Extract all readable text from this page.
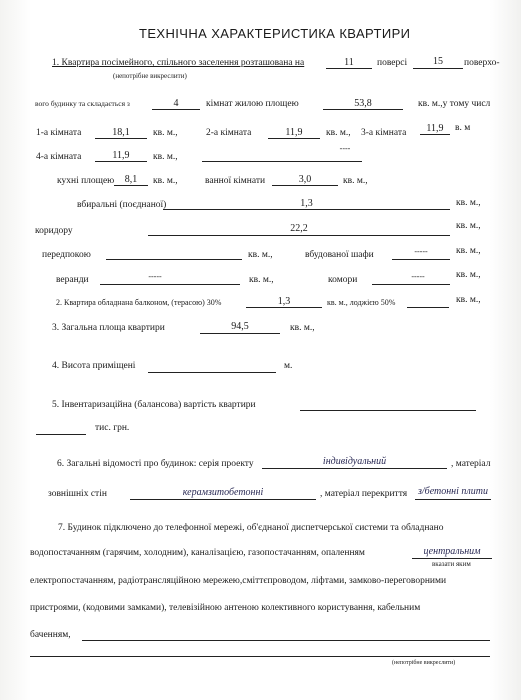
ТЕХНІЧНА ХАРАКТЕРИСТИКА КВАРТИРИ
1. Квартира посімейного, спільного заселення розташована на	11	поверсі	15	поверхо-
(непотрібне викреслити)
вого будинку та складається з	4	кімнат жилою площею	53,8	кв. м.,у тому числ
1-а кімната	18,1	кв. м.,	2-а кімната	11,9	кв. м., 3-а кімната	11,9	в. м
4-а кімната	11,9	кв. м.,
----
кухні площею	8,1	кв. м.,	ванної кімнати	3,0	кв. м.,
вбиральні (поєднаної)	1,3	кв. м.,
коридору	22,2	кв. м.,
передпокою	кв. м.,	вбудованої шафи	-----	кв. м.,
веранди	-----	кв. м.,	комори	-----	кв. м.,
2. Квартира обладнана балконом, (терасою) 30%	1,3	кв. м., лоджією 50%	кв. м.,
3. Загальна площа квартири	94,5	кв. м.,
4. Висота приміщені	м.
5. Інвентаризаційна (балансова) вартість квартири
тис. грн.
6. Загальні відомості про будинок: серія проекту	індивідуальний	, матеріал
зовнішніх стін	керамзитобетонні	, матеріал перекриття з/бетонні плити
7. Будинок підключено до телефонної мережі, об'єднаної диспетчерської системи та обладнано
водопостачанням (гарячим, холодним), каналізацією, газопостачанням, опаленням	центральним
вказати яким
електропостачанням, радіотрансляційною мережею,сміттєпроводом, ліфтами, замково-переговорними
пристроями, (кодовими замками), телевізійною антеною колективного користування, кабельним
баченням,
(непотрібне викреслити)
